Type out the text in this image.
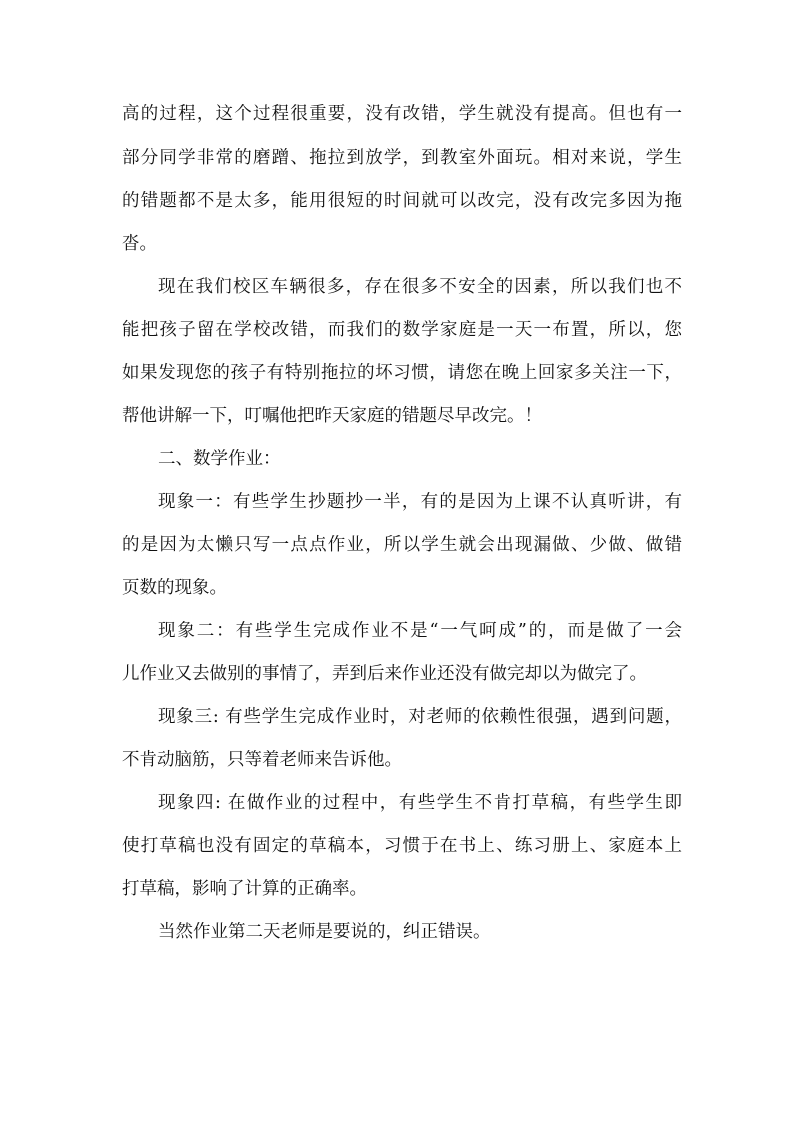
高的过程，这个过程很重要，没有改错，学生就没有提高。但也有一
部分同学非常的磨蹭、拖拉到放学，到教室外面玩。相对来说，学生
的错题都不是太多，能用很短的时间就可以改完，没有改完多因为拖
沓。
现在我们校区车辆很多，存在很多不安全的因素，所以我们也不
能把孩子留在学校改错，而我们的数学家庭是一天一布置，所以，您
如果发现您的孩子有特别拖拉的坏习惯，请您在晚上回家多关注一下，
帮他讲解一下，叮嘱他把昨天家庭的错题尽早改完。！
二、数学作业：
现象一：有些学生抄题抄一半，有的是因为上课不认真听讲，有
的是因为太懒只写一点点作业，所以学生就会出现漏做、少做、做错
页数的现象。
现象二：有些学生完成作业不是“一气呵成”的，而是做了一会
儿作业又去做别的事情了，弄到后来作业还没有做完却以为做完了。
现象三: 有些学生完成作业时，对老师的依赖性很强，遇到问题，
不肯动脑筋，只等着老师来告诉他。
现象四: 在做作业的过程中，有些学生不肯打草稿，有些学生即
使打草稿也没有固定的草稿本，习惯于在书上、练习册上、家庭本上
打草稿，影响了计算的正确率。
当然作业第二天老师是要说的，纠正错误。
